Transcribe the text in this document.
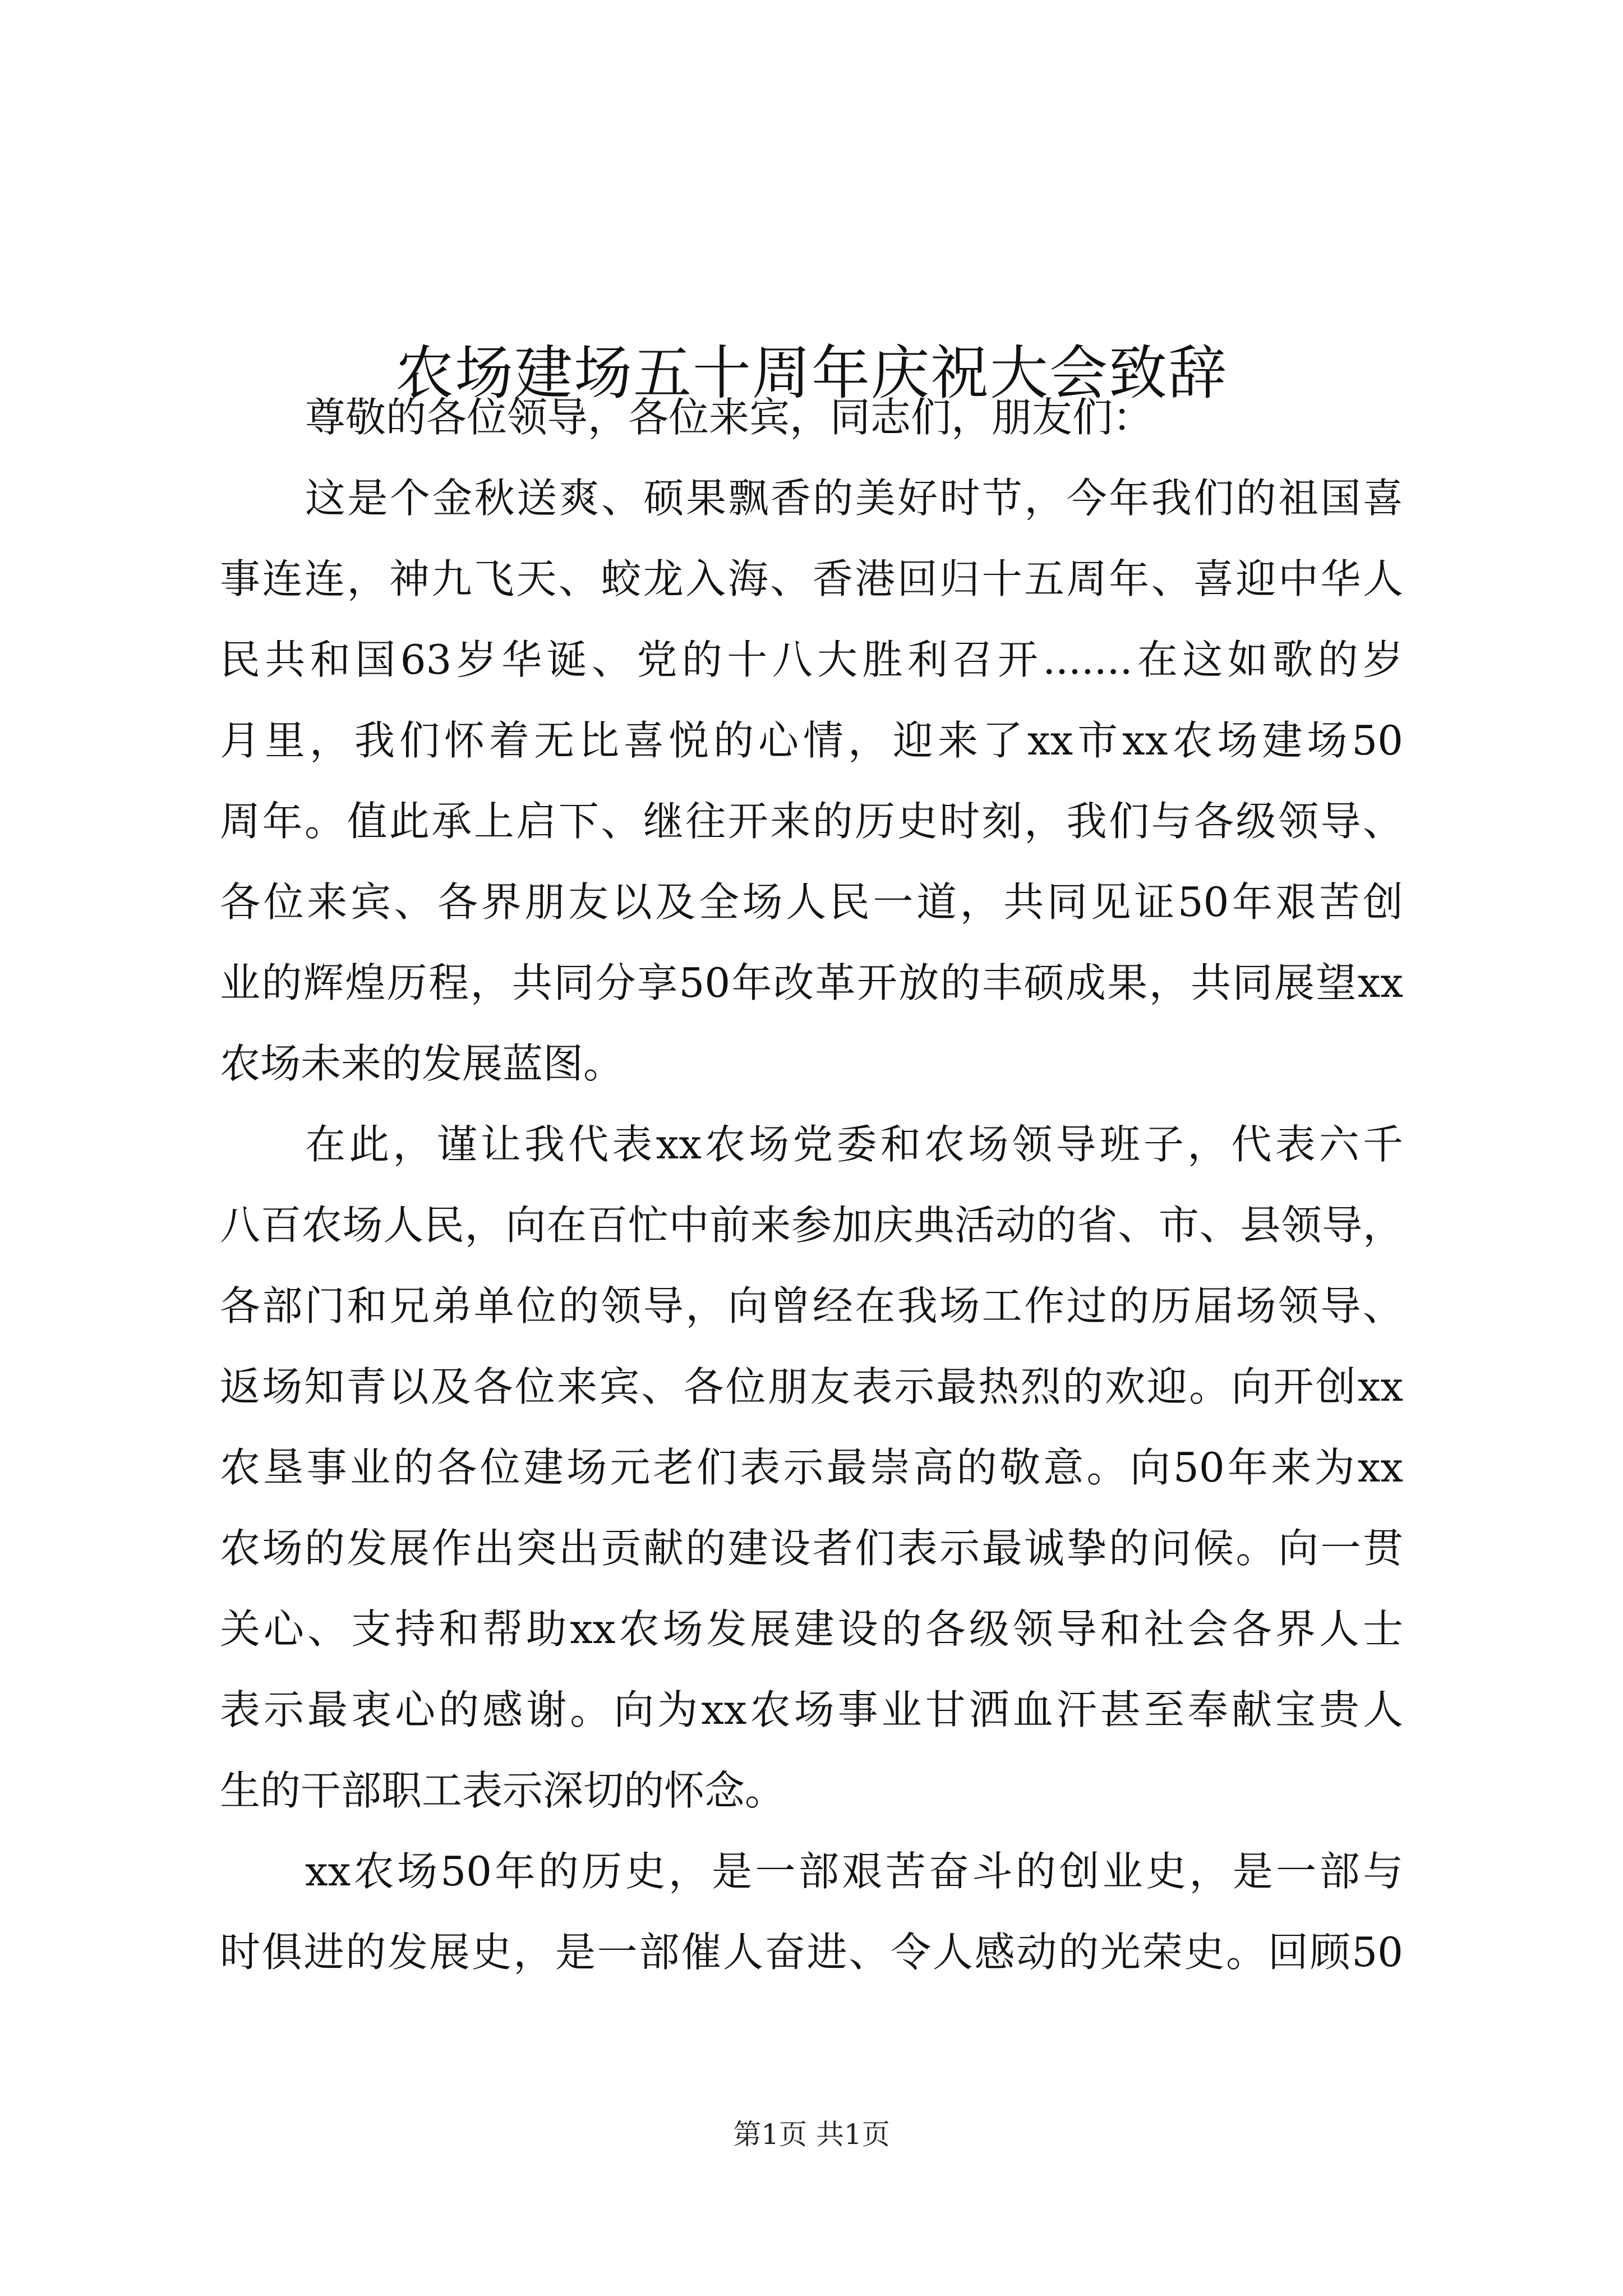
农场建场五十周年庆祝大会致辞

尊敬的各位领导，各位来宾，同志们，朋友们：

这是个金秋送爽、硕果飘香的美好时节，今年我们的祖国喜
事连连，神九飞天、蛟龙入海、香港回归十五周年、喜迎中华人
民共和国63岁华诞、党的十八大胜利召开.......在这如歌的岁
月里，我们怀着无比喜悦的心情，迎来了xx市xx农场建场50
周年。值此承上启下、继往开来的历史时刻，我们与各级领导、
各位来宾、各界朋友以及全场人民一道，共同见证50年艰苦创
业的辉煌历程，共同分享50年改革开放的丰硕成果，共同展望xx
农场未来的发展蓝图。

在此，谨让我代表xx农场党委和农场领导班子，代表六千
八百农场人民，向在百忙中前来参加庆典活动的省、市、县领导，
各部门和兄弟单位的领导，向曾经在我场工作过的历届场领导、
返场知青以及各位来宾、各位朋友表示最热烈的欢迎。向开创xx
农垦事业的各位建场元老们表示最崇高的敬意。向50年来为xx
农场的发展作出突出贡献的建设者们表示最诚挚的问候。向一贯
关心、支持和帮助xx农场发展建设的各级领导和社会各界人士
表示最衷心的感谢。向为xx农场事业甘洒血汗甚至奉献宝贵人
生的干部职工表示深切的怀念。

xx农场50年的历史，是一部艰苦奋斗的创业史，是一部与
时俱进的发展史，是一部催人奋进、令人感动的光荣史。回顾50

第1页 共1页
